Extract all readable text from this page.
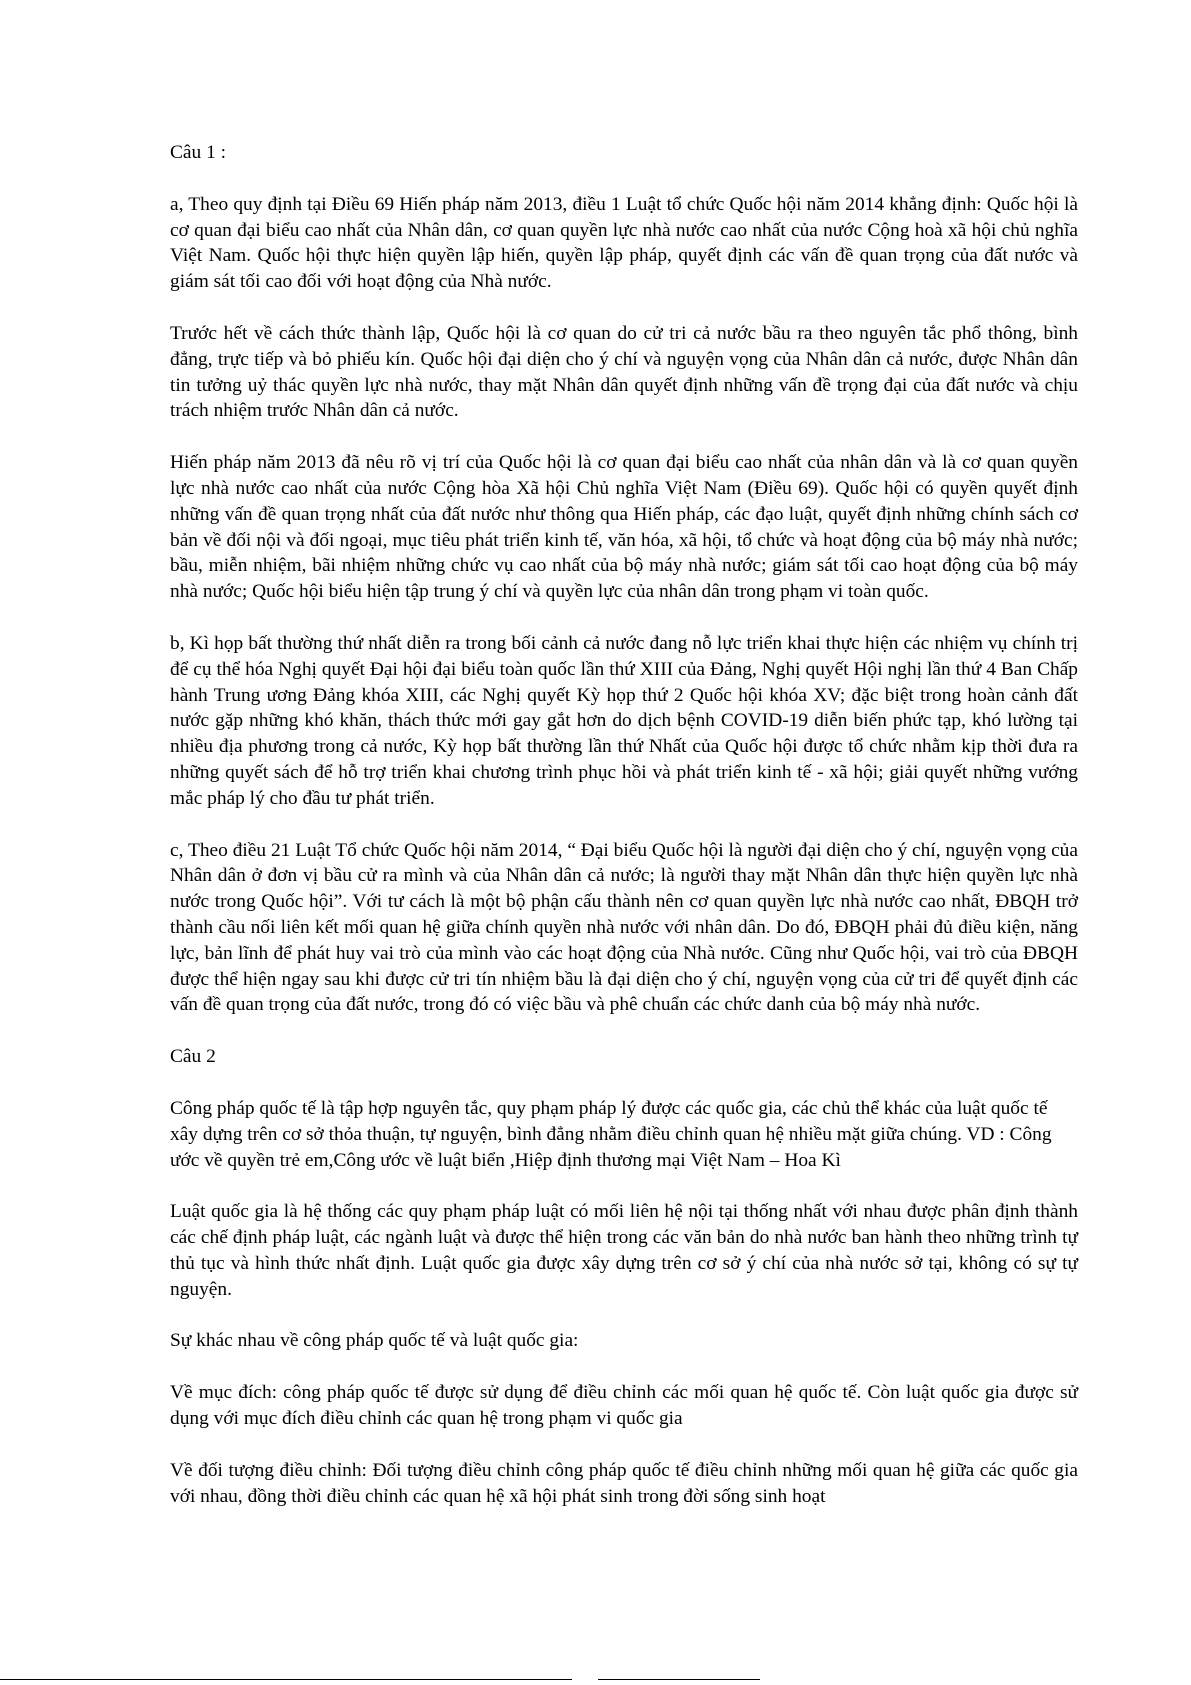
Câu 1 :
a, Theo quy định tại Điều 69 Hiến pháp năm 2013, điều 1 Luật tổ chức Quốc hội năm 2014 khẳng định: Quốc hội là cơ quan đại biểu cao nhất của Nhân dân, cơ quan quyền lực nhà nước cao nhất của nước Cộng hoà xã hội chủ nghĩa Việt Nam. Quốc hội thực hiện quyền lập hiến, quyền lập pháp, quyết định các vấn đề quan trọng của đất nước và giám sát tối cao đối với hoạt động của Nhà nước.
Trước hết về cách thức thành lập, Quốc hội là cơ quan do cử tri cả nước bầu ra theo nguyên tắc phổ thông, bình đẳng, trực tiếp và bỏ phiếu kín. Quốc hội đại diện cho ý chí và nguyện vọng của Nhân dân cả nước, được Nhân dân tin tưởng uỷ thác quyền lực nhà nước, thay mặt Nhân dân quyết định những vấn đề trọng đại của đất nước và chịu trách nhiệm trước Nhân dân cả nước.
Hiến pháp năm 2013 đã nêu rõ vị trí của Quốc hội là cơ quan đại biểu cao nhất của nhân dân và là cơ quan quyền lực nhà nước cao nhất của nước Cộng hòa Xã hội Chủ nghĩa Việt Nam (Điều 69). Quốc hội có quyền quyết định những vấn đề quan trọng nhất của đất nước như thông qua Hiến pháp, các đạo luật, quyết định những chính sách cơ bản về đối nội và đối ngoại, mục tiêu phát triển kinh tế, văn hóa, xã hội, tổ chức và hoạt động của bộ máy nhà nước; bầu, miễn nhiệm, bãi nhiệm những chức vụ cao nhất của bộ máy nhà nước; giám sát tối cao hoạt động của bộ máy nhà nước; Quốc hội biểu hiện tập trung ý chí và quyền lực của nhân dân trong phạm vi toàn quốc.
b, Kì họp bất thường thứ nhất diễn ra trong bối cảnh cả nước đang nỗ lực triển khai thực hiện các nhiệm vụ chính trị để cụ thể hóa Nghị quyết Đại hội đại biểu toàn quốc lần thứ XIII của Đảng, Nghị quyết Hội nghị lần thứ 4 Ban Chấp hành Trung ương Đảng khóa XIII, các Nghị quyết Kỳ họp thứ 2 Quốc hội khóa XV; đặc biệt trong hoàn cảnh đất nước gặp những khó khăn, thách thức mới gay gắt hơn do dịch bệnh COVID-19 diễn biến phức tạp, khó lường tại nhiều địa phương trong cả nước, Kỳ họp bất thường lần thứ Nhất của Quốc hội được tổ chức nhằm kịp thời đưa ra những quyết sách để hỗ trợ triển khai chương trình phục hồi và phát triển kinh tế - xã hội; giải quyết những vướng mắc pháp lý cho đầu tư phát triển.
c, Theo điều 21 Luật Tổ chức Quốc hội năm 2014, “ Đại biểu Quốc hội là người đại diện cho ý chí, nguyện vọng của Nhân dân ở đơn vị bầu cử ra mình và của Nhân dân cả nước; là người thay mặt Nhân dân thực hiện quyền lực nhà nước trong Quốc hội”. Với tư cách là một bộ phận cấu thành nên cơ quan quyền lực nhà nước cao nhất, ĐBQH trở thành cầu nối liên kết mối quan hệ giữa chính quyền nhà nước với nhân dân. Do đó, ĐBQH phải đủ điều kiện, năng lực, bản lĩnh để phát huy vai trò của mình vào các hoạt động của Nhà nước. Cũng như Quốc hội, vai trò của ĐBQH được thể hiện ngay sau khi được cử tri tín nhiệm bầu là đại diện cho ý chí, nguyện vọng của cử tri để quyết định các vấn đề quan trọng của đất nước, trong đó có việc bầu và phê chuẩn các chức danh của bộ máy nhà nước.
Câu 2
Công pháp quốc tế là tập hợp nguyên tắc, quy phạm pháp lý được các quốc gia, các chủ thể khác của luật quốc tế xây dựng trên cơ sở thỏa thuận, tự nguyện, bình đẳng nhằm điều chỉnh quan hệ nhiều mặt giữa chúng. VD : Công ước về quyền trẻ em,Công ước về luật biển ,Hiệp định thương mại Việt Nam – Hoa Kì
Luật quốc gia là hệ thống các quy phạm pháp luật có mối liên hệ nội tại thống nhất với nhau được phân định thành các chế định pháp luật, các ngành luật và được thể hiện trong các văn bản do nhà nước ban hành theo những trình tự thủ tục và hình thức nhất định. Luật quốc gia được xây dựng trên cơ sở ý chí của nhà nước sở tại, không có sự tự nguyện.
Sự khác nhau về công pháp quốc tế và luật quốc gia:
Về mục đích: công pháp quốc tế được sử dụng để điều chỉnh các mối quan hệ quốc tế. Còn luật quốc gia được sử dụng với mục đích điều chỉnh các quan hệ trong phạm vi quốc gia
Về đối tượng điều chỉnh: Đối tượng điều chỉnh công pháp quốc tế điều chỉnh những mối quan hệ giữa các quốc gia với nhau, đồng thời điều chỉnh các quan hệ xã hội phát sinh trong đời sống sinh hoạt
